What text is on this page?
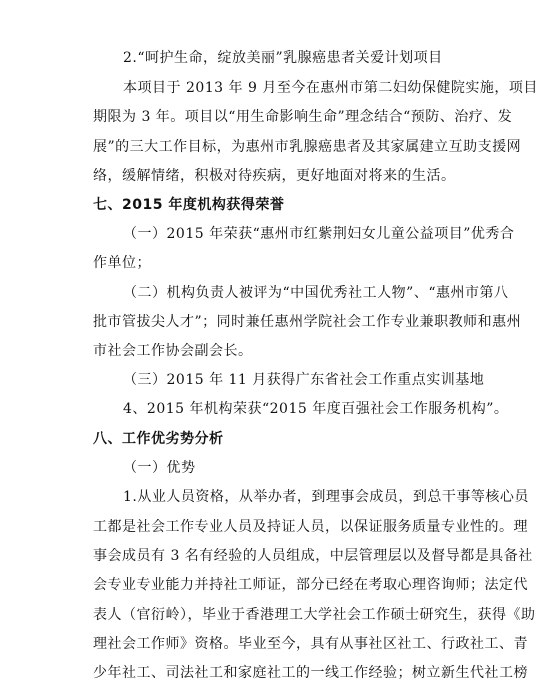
2.“呵护生命，绽放美丽”乳腺癌患者关爱计划项目
本项目于 2013 年 9 月至今在惠州市第二妇幼保健院实施，项目
期限为 3 年。项目以“用生命影响生命”理念结合“预防、治疗、发
展”的三大工作目标，为惠州市乳腺癌患者及其家属建立互助支援网
络，缓解情绪，积极对待疾病，更好地面对将来的生活。
七、2015 年度机构获得荣誉
（一）2015 年荣获“惠州市红紫荆妇女儿童公益项目”优秀合
作单位；
（二）机构负责人被评为“中国优秀社工人物”、“惠州市第八
批市管拔尖人才”；同时兼任惠州学院社会工作专业兼职教师和惠州
市社会工作协会副会长。
（三）2015 年 11 月获得广东省社会工作重点实训基地
4、2015 年机构荣获“2015 年度百强社会工作服务机构”。
八、工作优劣势分析
（一）优势
1.从业人员资格，从举办者，到理事会成员，到总干事等核心员
工都是社会工作专业人员及持证人员，以保证服务质量专业性的。理
事会成员有 3 名有经验的人员组成，中层管理层以及督导都是具备社
会专业专业能力并持社工师证，部分已经在考取心理咨询师；法定代
表人（官衍岭），毕业于香港理工大学社会工作硕士研究生，获得《助
理社会工作师》资格。毕业至今，具有从事社区社工、行政社工、青
少年社工、司法社工和家庭社工的一线工作经验；树立新生代社工榜
